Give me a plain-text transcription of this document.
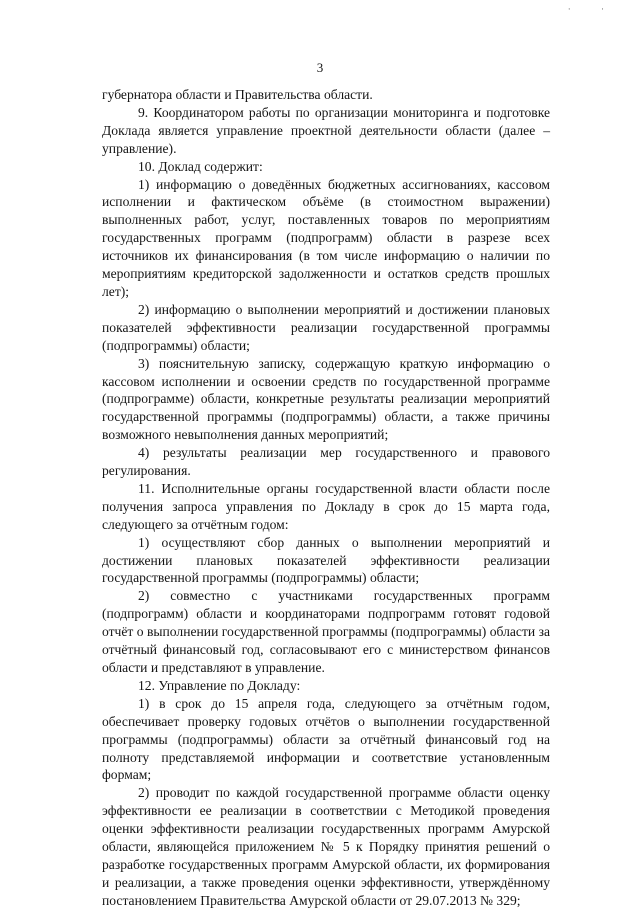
· ·
3

губернатора области и Правительства области.

9. Координатором работы по организации мониторинга и подготовке Доклада является управление проектной деятельности области (далее – управление).

10. Доклад содержит:

1) информацию о доведённых бюджетных ассигнованиях, кассовом исполнении и фактическом объёме (в стоимостном выражении) выполненных работ, услуг, поставленных товаров по мероприятиям государственных программ (подпрограмм) области в разрезе всех источников их финансирования (в том числе информацию о наличии по мероприятиям кредиторской задолженности и остатков средств прошлых лет);

2) информацию о выполнении мероприятий и достижении плановых показателей эффективности реализации государственной программы (подпрограммы) области;

3) пояснительную записку, содержащую краткую информацию о кассовом исполнении и освоении средств по государственной программе (подпрограмме) области, конкретные результаты реализации мероприятий государственной программы (подпрограммы) области, а также причины возможного невыполнения данных мероприятий;

4) результаты реализации мер государственного и правового регулирования.

11. Исполнительные органы государственной власти области после получения запроса управления по Докладу в срок до 15 марта года, следующего за отчётным годом:

1) осуществляют сбор данных о выполнении мероприятий и достижении плановых показателей эффективности реализации государственной программы (подпрограммы) области;

2) совместно с участниками государственных программ (подпрограмм) области и координаторами подпрограмм готовят годовой отчёт о выполнении государственной программы (подпрограммы) области за отчётный финансовый год, согласовывают его с министерством финансов области и представляют в управление.

12. Управление по Докладу:

1) в срок до 15 апреля года, следующего за отчётным годом, обеспечивает проверку годовых отчётов о выполнении государственной программы (подпрограммы) области за отчётный финансовый год на полноту представляемой информации и соответствие установленным формам;

2) проводит по каждой государственной программе области оценку эффективности ее реализации в соответствии с Методикой проведения оценки эффективности реализации государственных программ Амурской области, являющейся приложением № 5 к Порядку принятия решений о разработке государственных программ Амурской области, их формирования и реализации, а также проведения оценки эффективности, утверждённому постановлением Правительства Амурской области от 29.07.2013 № 329;
